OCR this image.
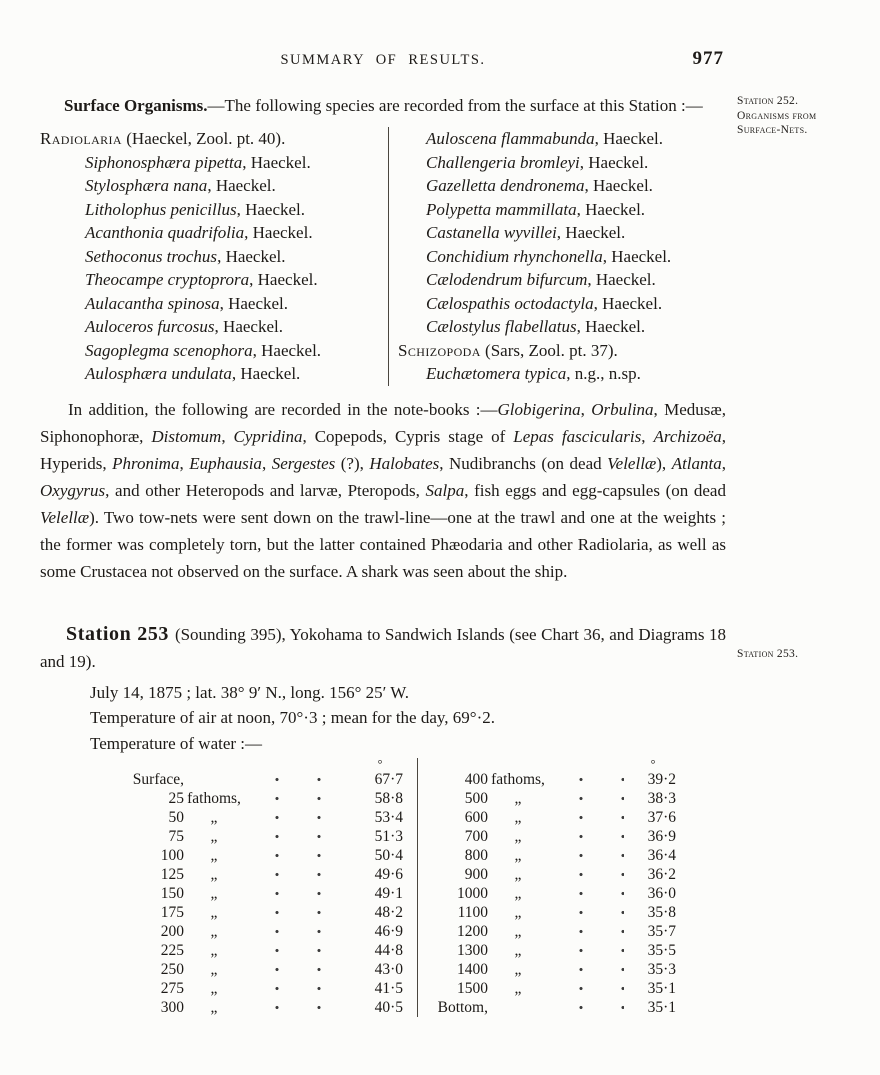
SUMMARY OF RESULTS.	977

Surface Organisms.—The following species are recorded from the surface at this Station :—

Radiolaria (Haeckel, Zool. pt. 40).
Siphonosphæra pipetta, Haeckel.
Stylosphæra nana, Haeckel.
Litholophus penicillus, Haeckel.
Acanthonia quadrifolia, Haeckel.
Sethoconus trochus, Haeckel.
Theocampe cryptoprora, Haeckel.
Aulacantha spinosa, Haeckel.
Auloceros furcosus, Haeckel.
Sagoplegma scenophora, Haeckel.
Aulosphæra undulata, Haeckel.
Auloscena flammabunda, Haeckel.
Challengeria bromleyi, Haeckel.
Gazelletta dendronema, Haeckel.
Polypetta mammillata, Haeckel.
Castanella wyvillei, Haeckel.
Conchidium rhynchonella, Haeckel.
Cælodendrum bifurcum, Haeckel.
Cælospathis octodactyla, Haeckel.
Cælostylus flabellatus, Haeckel.
Schizopoda (Sars, Zool. pt. 37).
Euchætomera typica, n.g., n.sp.

In addition, the following are recorded in the note-books :—Globigerina, Orbulina, Medusæ, Siphonophoræ, Distomum, Cypridina, Copepods, Cypris stage of Lepas fascicularis, Archizoëa, Hyperids, Phronima, Euphausia, Sergestes (?), Halobates, Nudibranchs (on dead Velellæ), Atlanta, Oxygyrus, and other Heteropods and larvæ, Pteropods, Salpa, fish eggs and egg-capsules (on dead Velellæ). Two tow-nets were sent down on the trawl-line—one at the trawl and one at the weights ; the former was completely torn, but the latter contained Phæodaria and other Radiolaria, as well as some Crustacea not observed on the surface. A shark was seen about the ship.

Station 253 (Sounding 395), Yokohama to Sandwich Islands (see Chart 36, and Diagrams 18 and 19).

July 14, 1875 ; lat. 38° 9′ N., long. 156° 25′ W.

Temperature of air at noon, 70°·3 ; mean for the day, 69°·2.

Temperature of water :—

°
Surface,	67·7
25 fathoms,	58·8
50	„	53·4
75	„	51·3
100	„	50·4
125	„	49·6
150	„	49·1
175	„	48·2
200	„	46·9
225	„	44·8
250	„	43·0
275	„	41·5
300	„	40·5
°
400 fathoms,	39·2
500	„	38·3
600	„	37·6
700	„	36·9
800	„	36·4
900	„	36·2
1000	„	36·0
1100	„	35·8
1200	„	35·7
1300	„	35·5
1400	„	35·3
1500	„	35·1
Bottom,	35·1
Station 252.
Organisms from
Surface-Nets.
Station 253.
